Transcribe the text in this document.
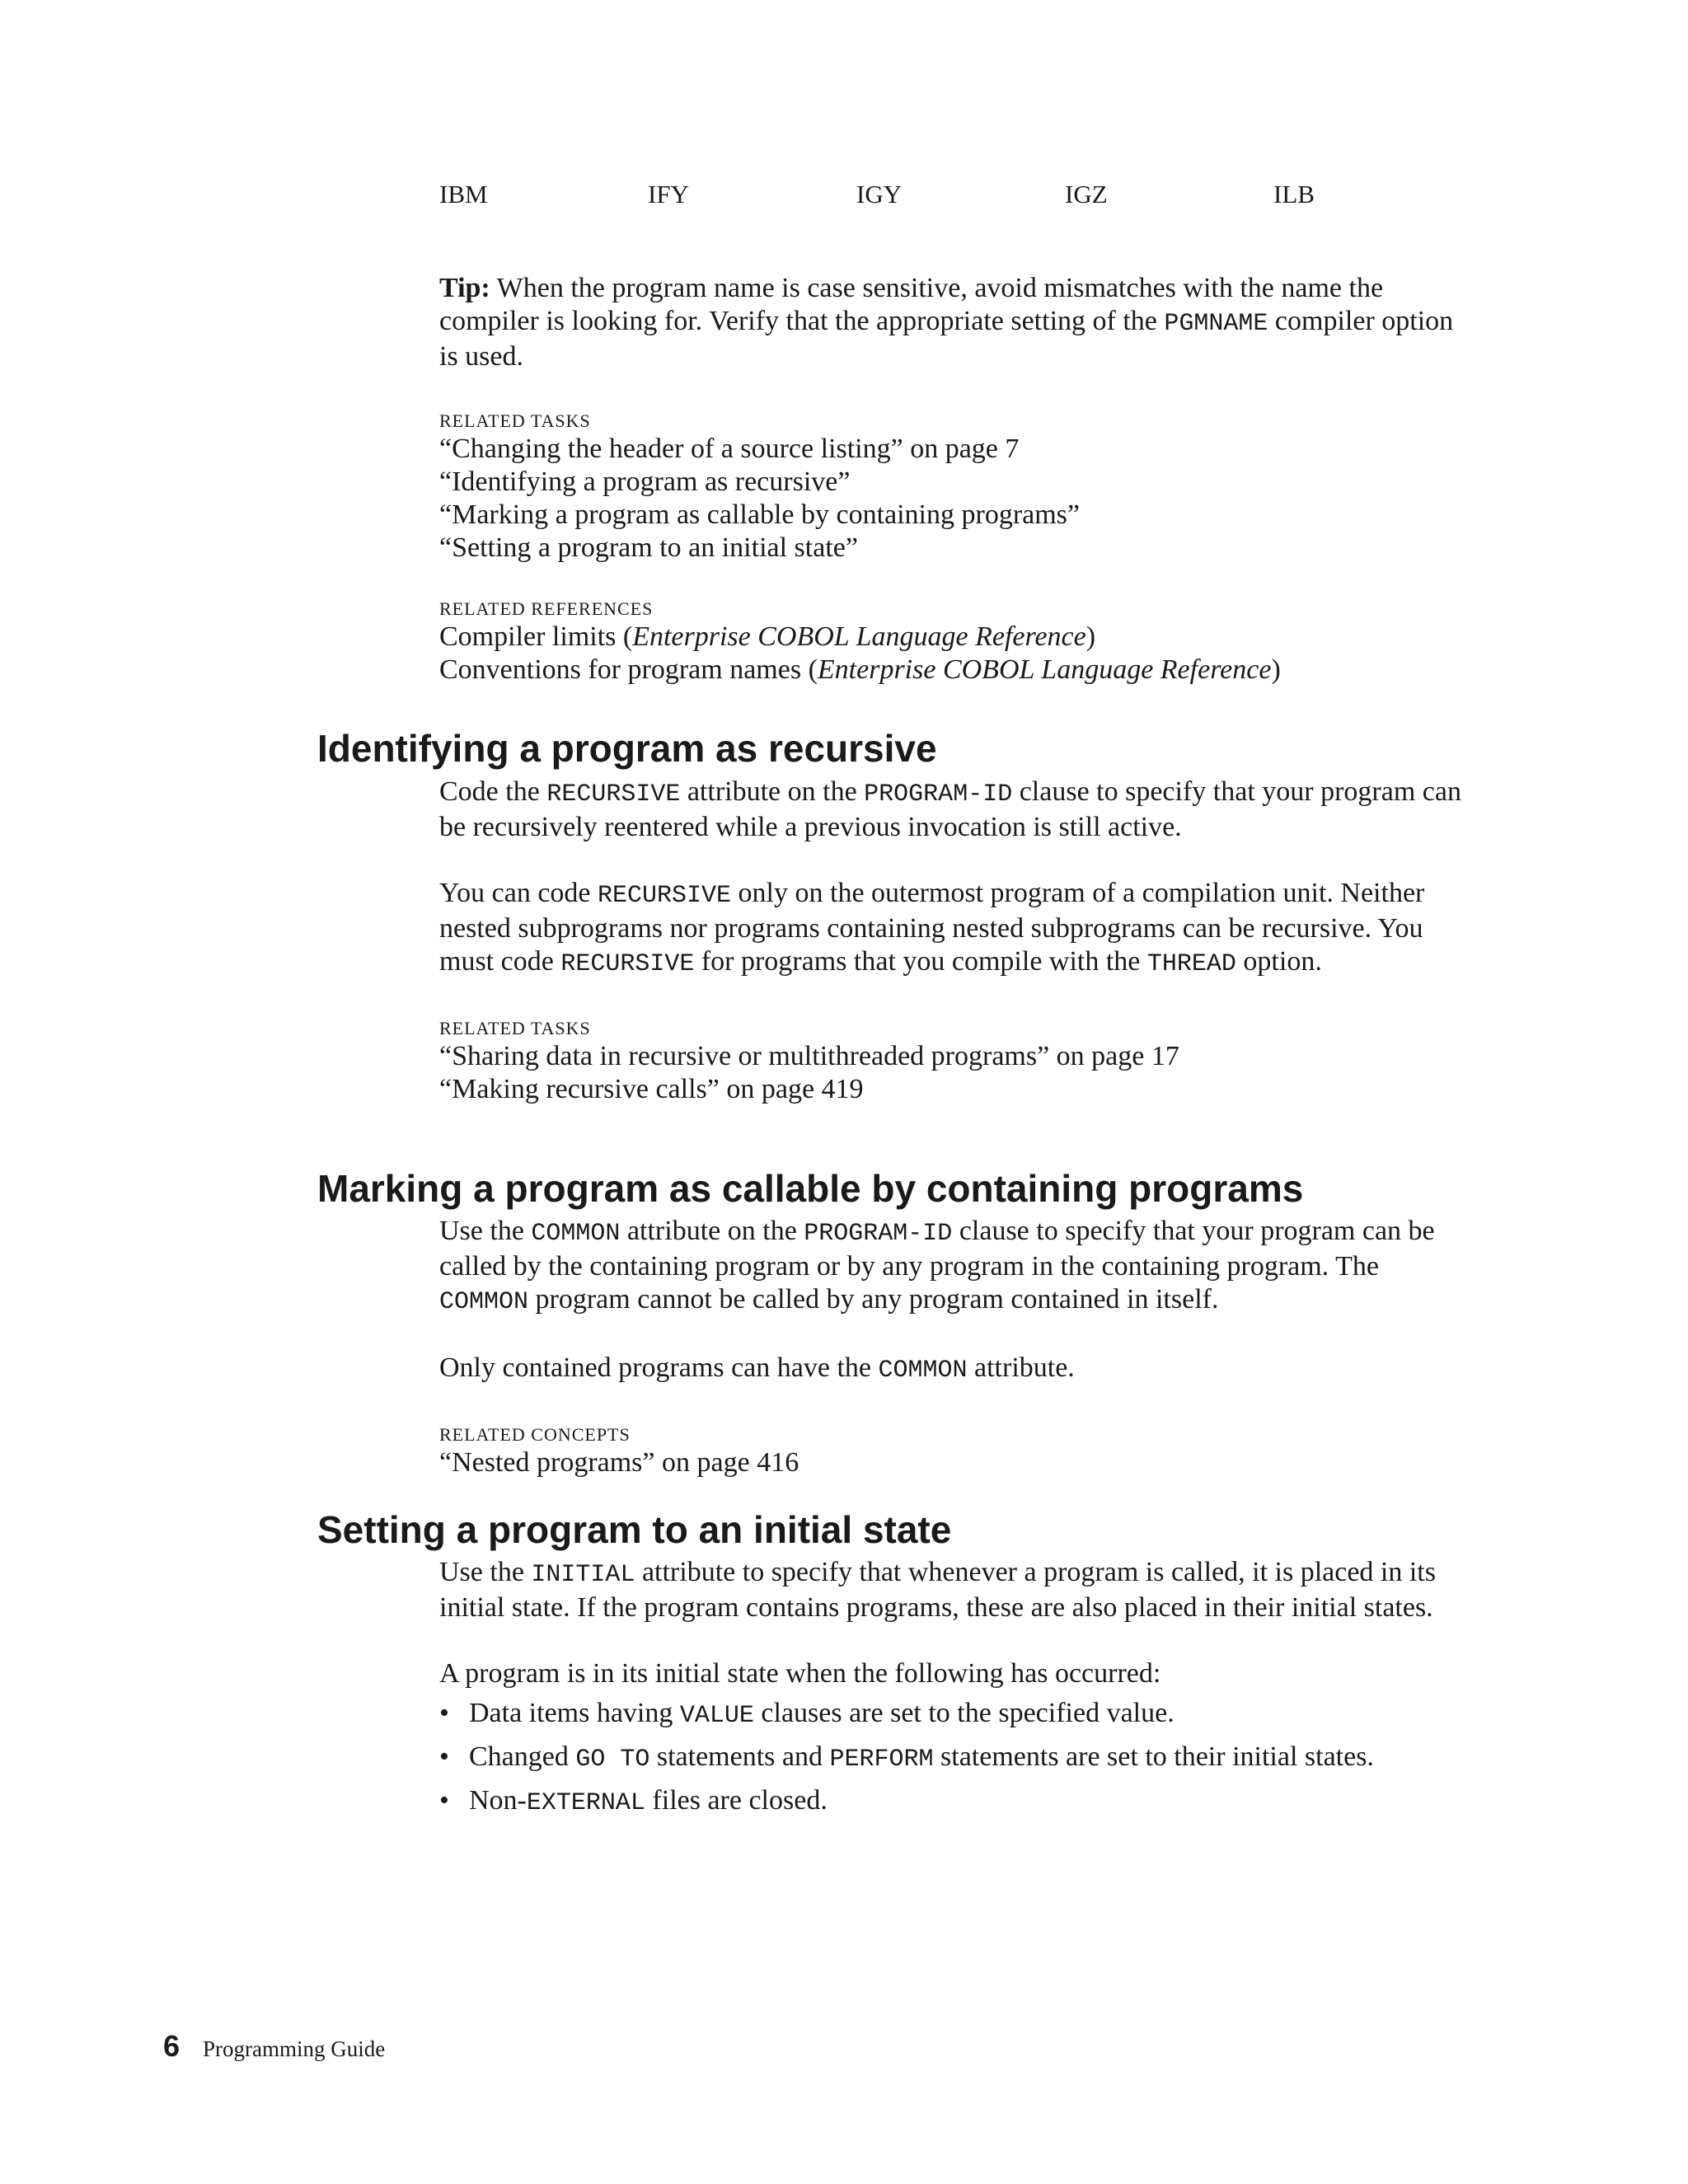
IBM	IFY	IGY	IGZ	ILB

Tip: When the program name is case sensitive, avoid mismatches with the name the compiler is looking for. Verify that the appropriate setting of the PGMNAME compiler option is used.

RELATED TASKS

“Changing the header of a source listing” on page 7
“Identifying a program as recursive”
“Marking a program as callable by containing programs”
“Setting a program to an initial state”

RELATED REFERENCES

Compiler limits (Enterprise COBOL Language Reference)
Conventions for program names (Enterprise COBOL Language Reference)
Identifying a program as recursive

Code the RECURSIVE attribute on the PROGRAM-ID clause to specify that your program can be recursively reentered while a previous invocation is still active.

You can code RECURSIVE only on the outermost program of a compilation unit. Neither nested subprograms nor programs containing nested subprograms can be recursive. You must code RECURSIVE for programs that you compile with the THREAD option.

RELATED TASKS

“Sharing data in recursive or multithreaded programs” on page 17
“Making recursive calls” on page 419
Marking a program as callable by containing programs

Use the COMMON attribute on the PROGRAM-ID clause to specify that your program can be called by the containing program or by any program in the containing program. The COMMON program cannot be called by any program contained in itself.

Only contained programs can have the COMMON attribute.

RELATED CONCEPTS

“Nested programs” on page 416
Setting a program to an initial state

Use the INITIAL attribute to specify that whenever a program is called, it is placed in its initial state. If the program contains programs, these are also placed in their initial states.

A program is in its initial state when the following has occurred:

• Data items having VALUE clauses are set to the specified value.
• Changed GO TO statements and PERFORM statements are set to their initial states.
• Non-EXTERNAL files are closed.
6 Programming Guide
